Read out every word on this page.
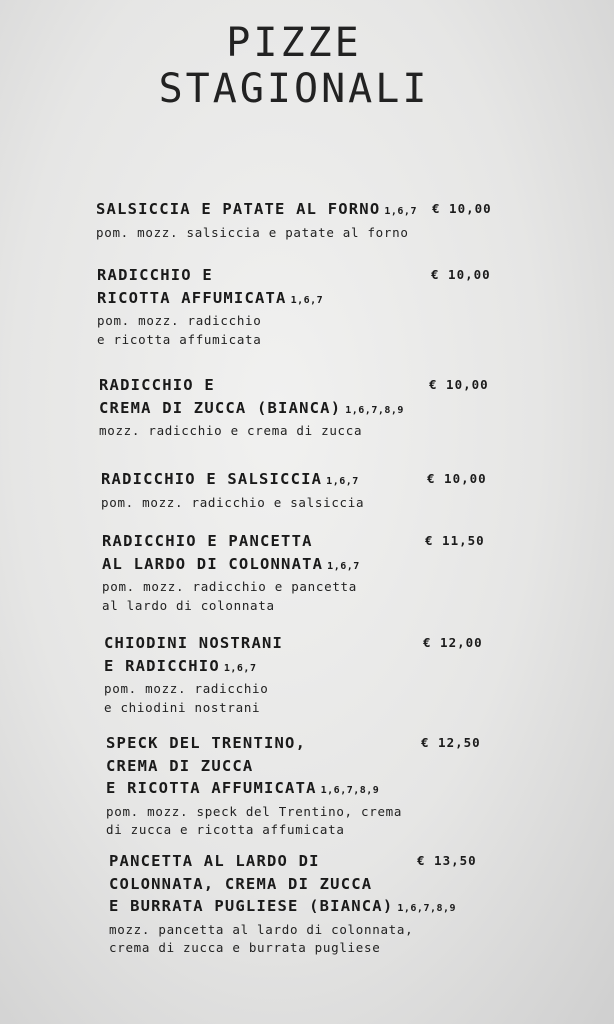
PIZZE
STAGIONALI
SALSICCIA E PATATE AL FORNO 1,6,7
pom. mozz. salsiccia e patate al forno
€ 10,00
RADICCHIO E
RICOTTA AFFUMICATA 1,6,7
pom. mozz. radicchio
e ricotta affumicata
€ 10,00
RADICCHIO E
CREMA DI ZUCCA (BIANCA) 1,6,7,8,9
mozz. radicchio e crema di zucca
€ 10,00
RADICCHIO E SALSICCIA 1,6,7
pom. mozz. radicchio e salsiccia
€ 10,00
RADICCHIO E PANCETTA
AL LARDO DI COLONNATA 1,6,7
pom. mozz. radicchio e pancetta
al lardo di colonnata
€ 11,50
CHIODINI NOSTRANI
E RADICCHIO 1,6,7
pom. mozz. radicchio
e chiodini nostrani
€ 12,00
SPECK DEL TRENTINO,
CREMA DI ZUCCA
E RICOTTA AFFUMICATA 1,6,7,8,9
pom. mozz. speck del Trentino, crema
di zucca e ricotta affumicata
€ 12,50
PANCETTA AL LARDO DI
COLONNATA, CREMA DI ZUCCA
E BURRATA PUGLIESE (BIANCA) 1,6,7,8,9
mozz. pancetta al lardo di colonnata,
crema di zucca e burrata pugliese
€ 13,50
